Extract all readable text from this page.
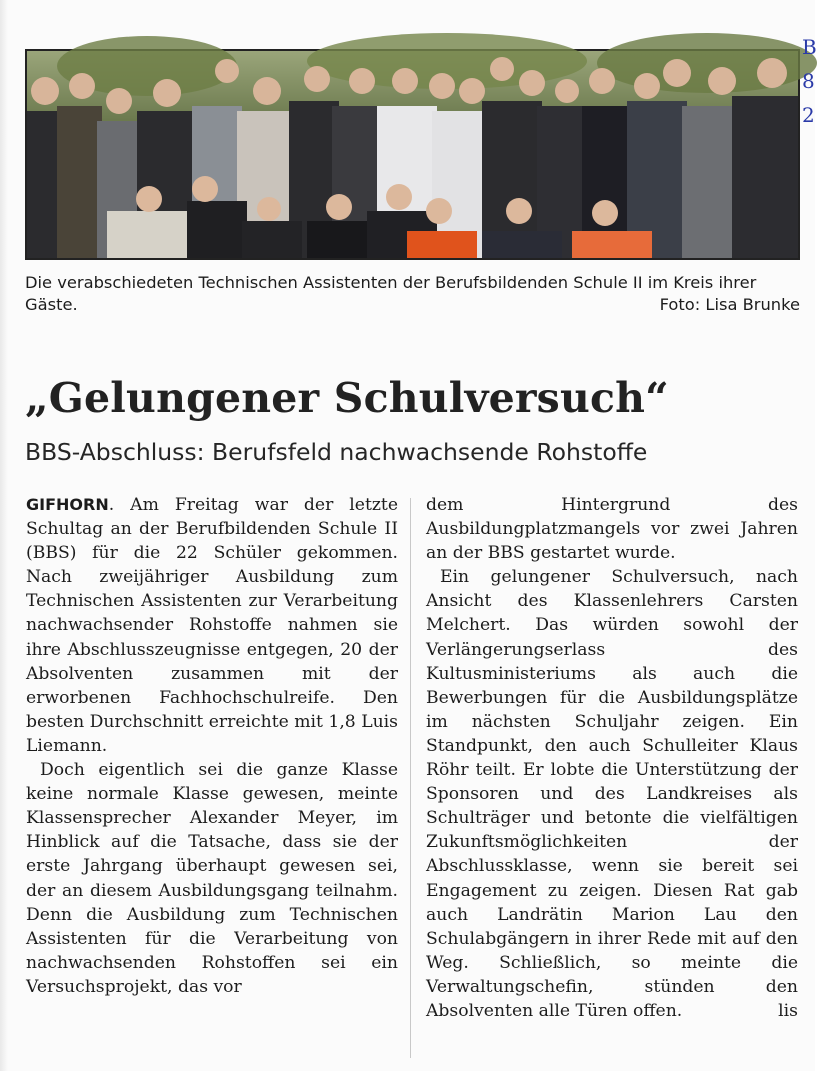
B 8 2
Die verabschiedeten Technischen Assistenten der Berufsbildenden Schule II im Kreis ihrer Gäste.	Foto: Lisa Brunke
„Gelungener Schulversuch“
BBS-Abschluss: Berufsfeld nachwachsende Rohstoffe

GIFHORN. Am Freitag war der letzte Schultag an der Berufbildenden Schule II (BBS) für die 22 Schüler gekommen. Nach zweijähriger Ausbildung zum Technischen Assistenten zur Verarbeitung nachwachsender Rohstoffe nahmen sie ihre Abschlusszeugnisse entgegen, 20 der Absolventen zusammen mit der erworbenen Fachhochschulreife. Den besten Durchschnitt erreichte mit 1,8 Luis Liemann.

Doch eigentlich sei die ganze Klasse keine normale Klasse gewesen, meinte Klassensprecher Alexander Meyer, im Hinblick auf die Tatsache, dass sie der erste Jahrgang überhaupt gewesen sei, der an diesem Ausbildungsgang teilnahm. Denn die Ausbildung zum Technischen Assistenten für die Verarbeitung von nachwachsenden Rohstoffen sei ein Versuchsprojekt, das vor

dem Hintergrund des Ausbildungplatzmangels vor zwei Jahren an der BBS gestartet wurde.

Ein gelungener Schulversuch, nach Ansicht des Klassenlehrers Carsten Melchert. Das würden sowohl der Verlängerungserlass des Kultusministeriums als auch die Bewerbungen für die Ausbildungsplätze im nächsten Schuljahr zeigen. Ein Standpunkt, den auch Schulleiter Klaus Röhr teilt. Er lobte die Unterstützung der Sponsoren und des Landkreises als Schulträger und betonte die vielfältigen Zukunftsmöglichkeiten der Abschlussklasse, wenn sie bereit sei Engagement zu zeigen. Diesen Rat gab auch Landrätin Marion Lau den Schulabgängern in ihrer Rede mit auf den Weg. Schließlich, so meinte die Verwaltungschefin, stünden den Absolventen alle Türen offen.	lis
